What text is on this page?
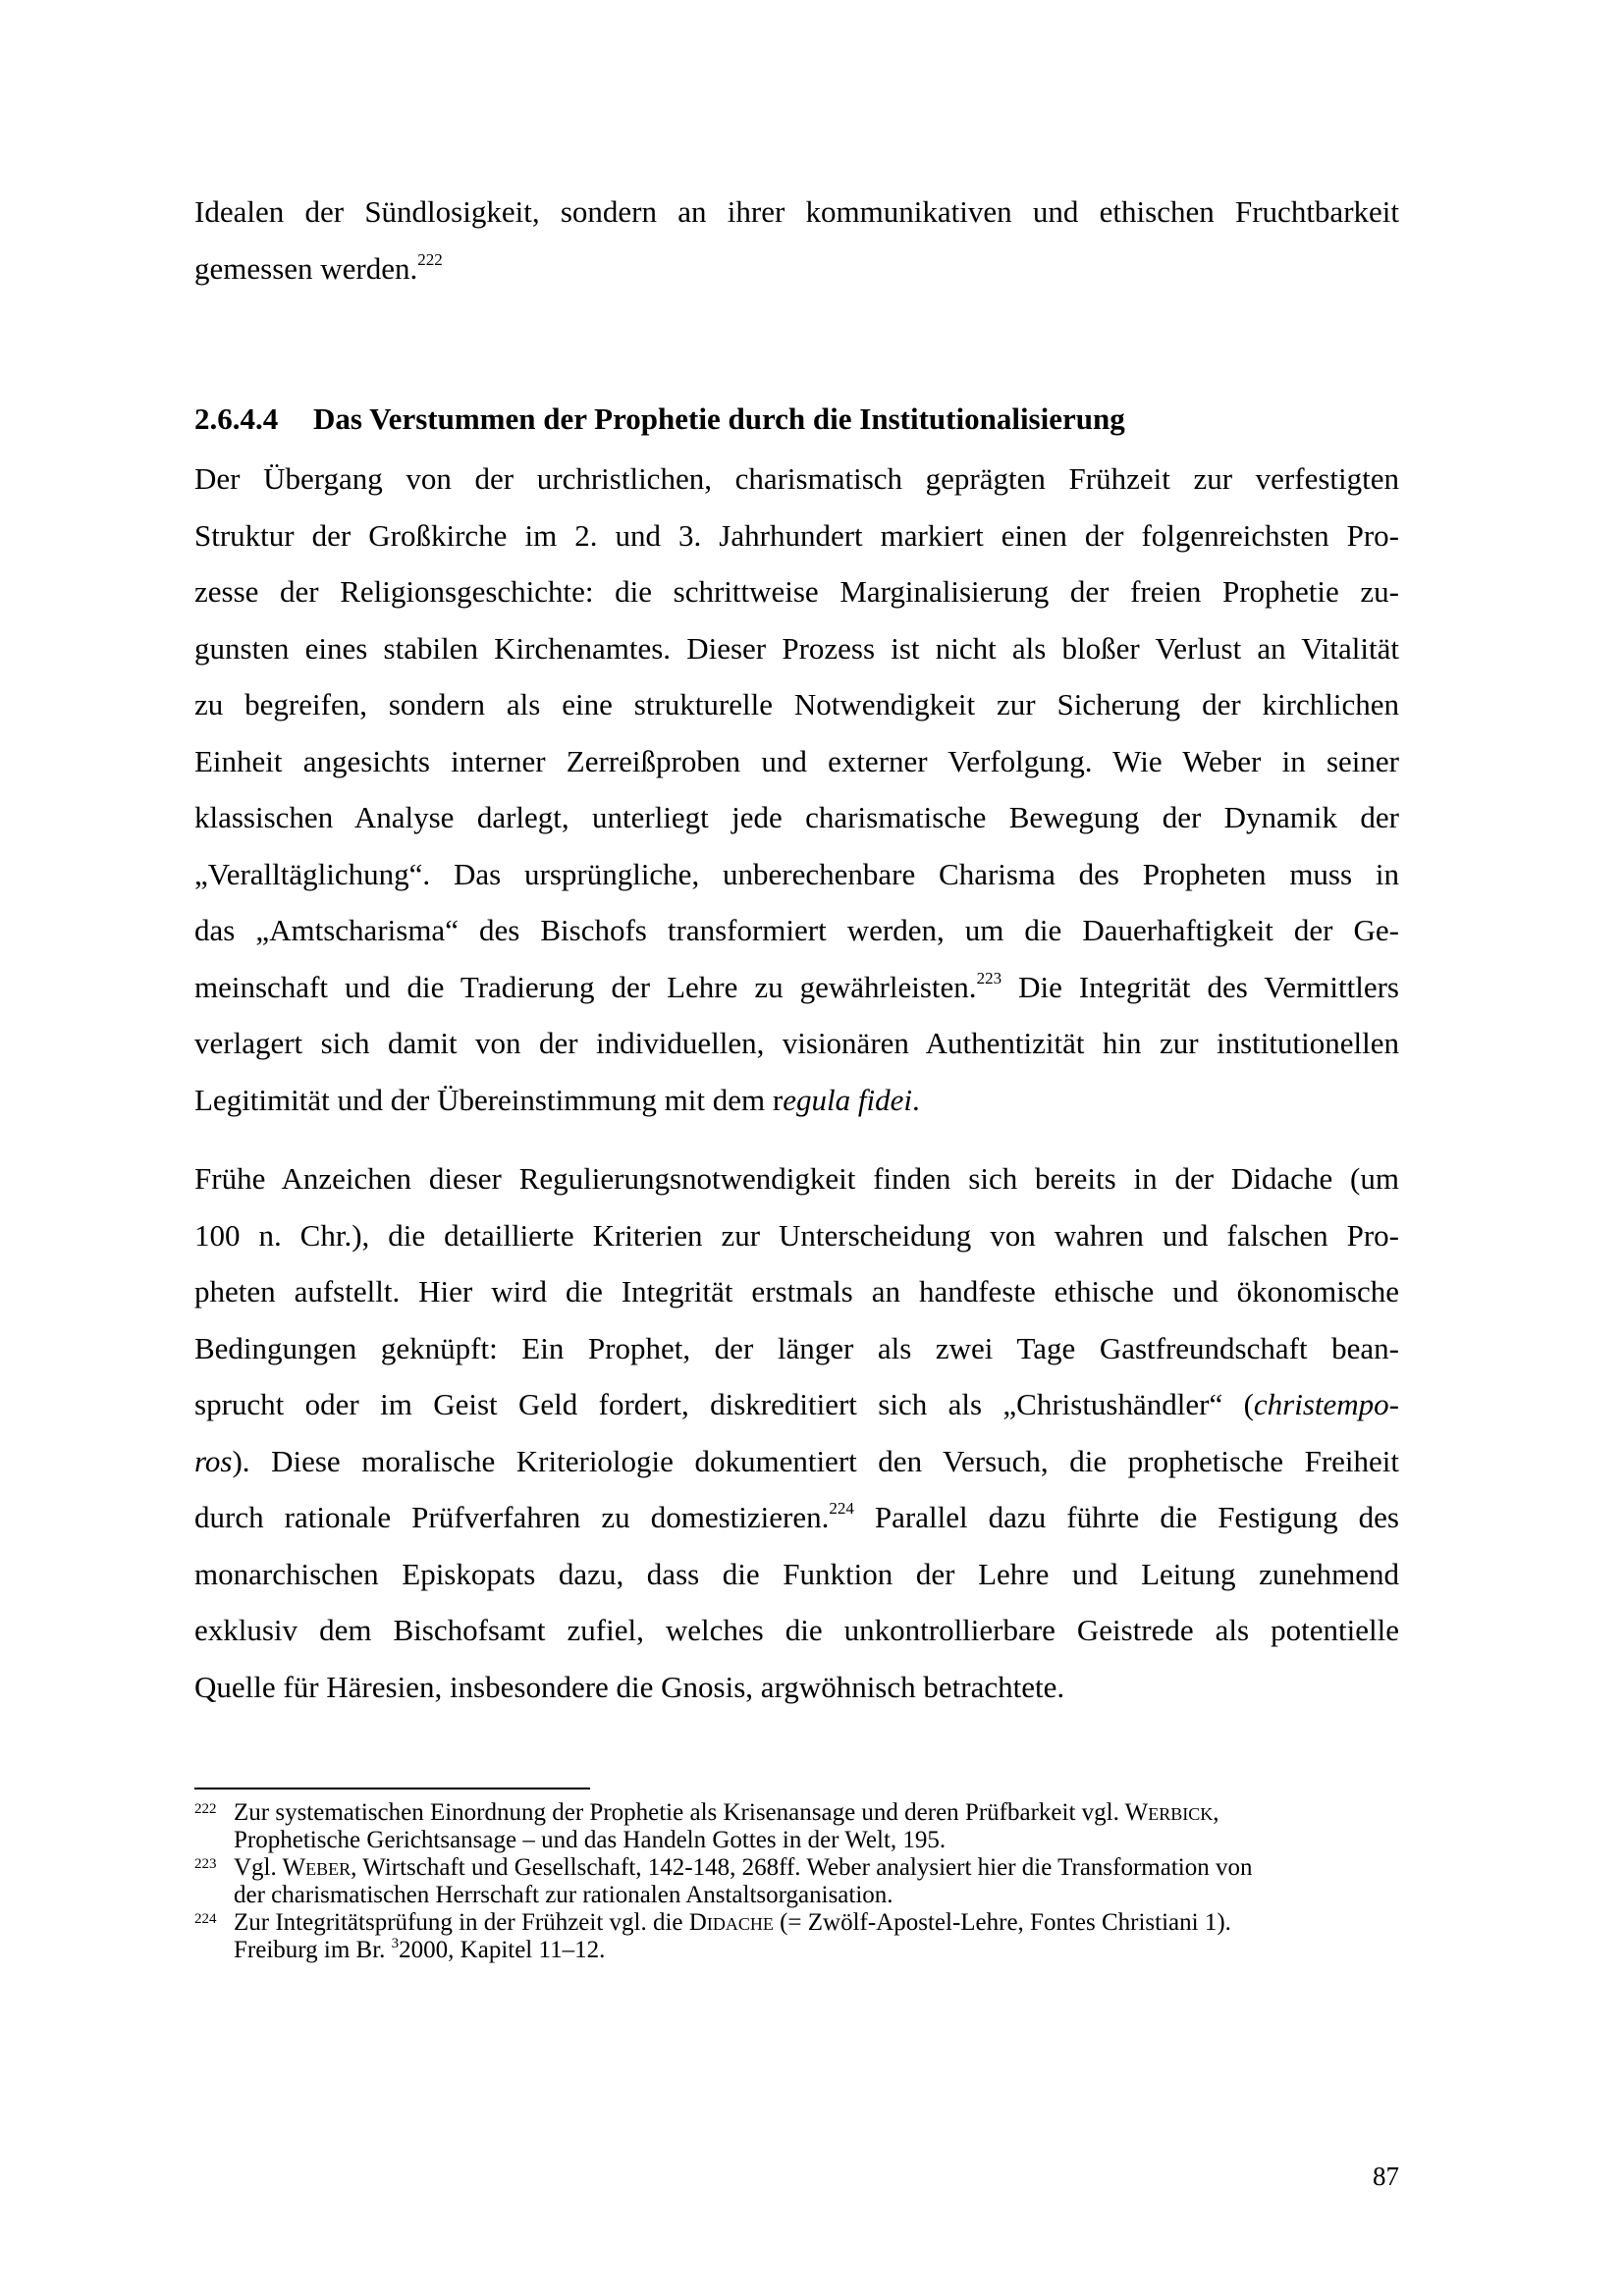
Idealen der Sündlosigkeit, sondern an ihrer kommunikativen und ethischen Fruchtbarkeit
gemessen werden.$^{222}$
2.6.4.4 Das Verstummen der Prophetie durch die Institutionalisierung
Der Übergang von der urchristlichen, charismatisch geprägten Frühzeit zur verfestigten
Struktur der Großkirche im 2. und 3. Jahrhundert markiert einen der folgenreichsten Pro-
zesse der Religionsgeschichte: die schrittweise Marginalisierung der freien Prophetie zu-
gunsten eines stabilen Kirchenamtes. Dieser Prozess ist nicht als bloßer Verlust an Vitalität
zu begreifen, sondern als eine strukturelle Notwendigkeit zur Sicherung der kirchlichen
Einheit angesichts interner Zerreißproben und externer Verfolgung. Wie Weber in seiner
klassischen Analyse darlegt, unterliegt jede charismatische Bewegung der Dynamik der
„Veralltäglichung“. Das ursprüngliche, unberechenbare Charisma des Propheten muss in
das „Amtscharisma“ des Bischofs transformiert werden, um die Dauerhaftigkeit der Ge-
meinschaft und die Tradierung der Lehre zu gewährleisten.$^{223}$ Die Integrität des Vermittlers
verlagert sich damit von der individuellen, visionären Authentizität hin zur institutionellen
Legitimität und der Übereinstimmung mit dem regula fidei.
Frühe Anzeichen dieser Regulierungsnotwendigkeit finden sich bereits in der Didache (um
100 n. Chr.), die detaillierte Kriterien zur Unterscheidung von wahren und falschen Pro-
pheten aufstellt. Hier wird die Integrität erstmals an handfeste ethische und ökonomische
Bedingungen geknüpft: Ein Prophet, der länger als zwei Tage Gastfreundschaft bean-
sprucht oder im Geist Geld fordert, diskreditiert sich als „Christushändler“ (christempo-
ros). Diese moralische Kriteriologie dokumentiert den Versuch, die prophetische Freiheit
durch rationale Prüfverfahren zu domestizieren.$^{224}$ Parallel dazu führte die Festigung des
monarchischen Episkopats dazu, dass die Funktion der Lehre und Leitung zunehmend
exklusiv dem Bischofsamt zufiel, welches die unkontrollierbare Geistrede als potentielle
Quelle für Häresien, insbesondere die Gnosis, argwöhnisch betrachtete.
222 Zur systematischen Einordnung der Prophetie als Krisenansage und deren Prüfbarkeit vgl. Werbick,
Prophetische Gerichtsansage – und das Handeln Gottes in der Welt, 195.
223 Vgl. Weber, Wirtschaft und Gesellschaft, 142-148, 268ff. Weber analysiert hier die Transformation von
der charismatischen Herrschaft zur rationalen Anstaltsorganisation.
224 Zur Integritätsprüfung in der Frühzeit vgl. die Didache (= Zwölf-Apostel-Lehre, Fontes Christiani 1).
Freiburg im Br. $^3$2000, Kapitel 11–12.
87
